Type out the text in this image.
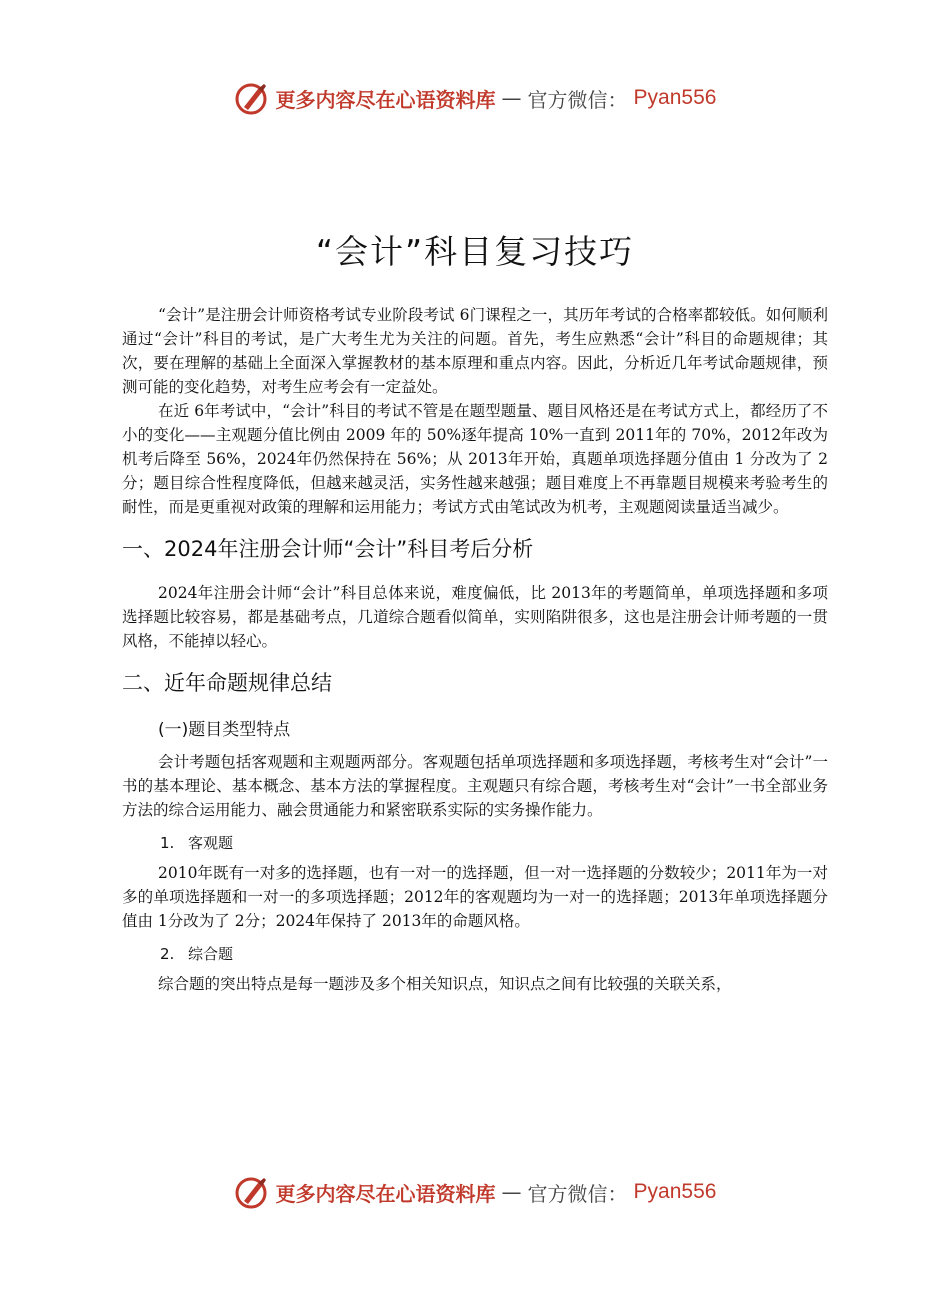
更多内容尽在心语资料库 — 官方微信： Pyan556
“会计”科目复习技巧

“会计”是注册会计师资格考试专业阶段考试 6门课程之一，其历年考试的合格率都较低。如何顺利通过“会计”科目的考试，是广大考生尤为关注的问题。首先，考生应熟悉“会计”科目的命题规律；其次，要在理解的基础上全面深入掌握教材的基本原理和重点内容。因此，分析近几年考试命题规律，预测可能的变化趋势，对考生应考会有一定益处。

在近 6年考试中，“会计”科目的考试不管是在题型题量、题目风格还是在考试方式上，都经历了不小的变化——主观题分值比例由 2009 年的 50%逐年提高 10%一直到 2011年的 70%，2012年改为机考后降至 56%，2024年仍然保持在 56%；从 2013年开始，真题单项选择题分值由 1 分改为了 2 分；题目综合性程度降低，但越来越灵活，实务性越来越强；题目难度上不再靠题目规模来考验考生的耐性，而是更重视对政策的理解和运用能力；考试方式由笔试改为机考，主观题阅读量适当减少。

一、2024年注册会计师“会计”科目考后分析

2024年注册会计师“会计”科目总体来说，难度偏低，比 2013年的考题简单，单项选择题和多项选择题比较容易，都是基础考点，几道综合题看似简单，实则陷阱很多，这也是注册会计师考题的一贯风格，不能掉以轻心。

二、近年命题规律总结
(一)题目类型特点

会计考题包括客观题和主观题两部分。客观题包括单项选择题和多项选择题，考核考生对“会计”一书的基本理论、基本概念、基本方法的掌握程度。主观题只有综合题，考核考生对“会计”一书全部业务方法的综合运用能力、融会贯通能力和紧密联系实际的实务操作能力。

1. 客观题

2010年既有一对多的选择题，也有一对一的选择题，但一对一选择题的分数较少；2011年为一对多的单项选择题和一对一的多项选择题；2012年的客观题均为一对一的选择题；2013年单项选择题分值由 1分改为了 2分；2024年保持了 2013年的命题风格。

2. 综合题

综合题的突出特点是每一题涉及多个相关知识点，知识点之间有比较强的关联关系，

更多内容尽在心语资料库 — 官方微信： Pyan556
